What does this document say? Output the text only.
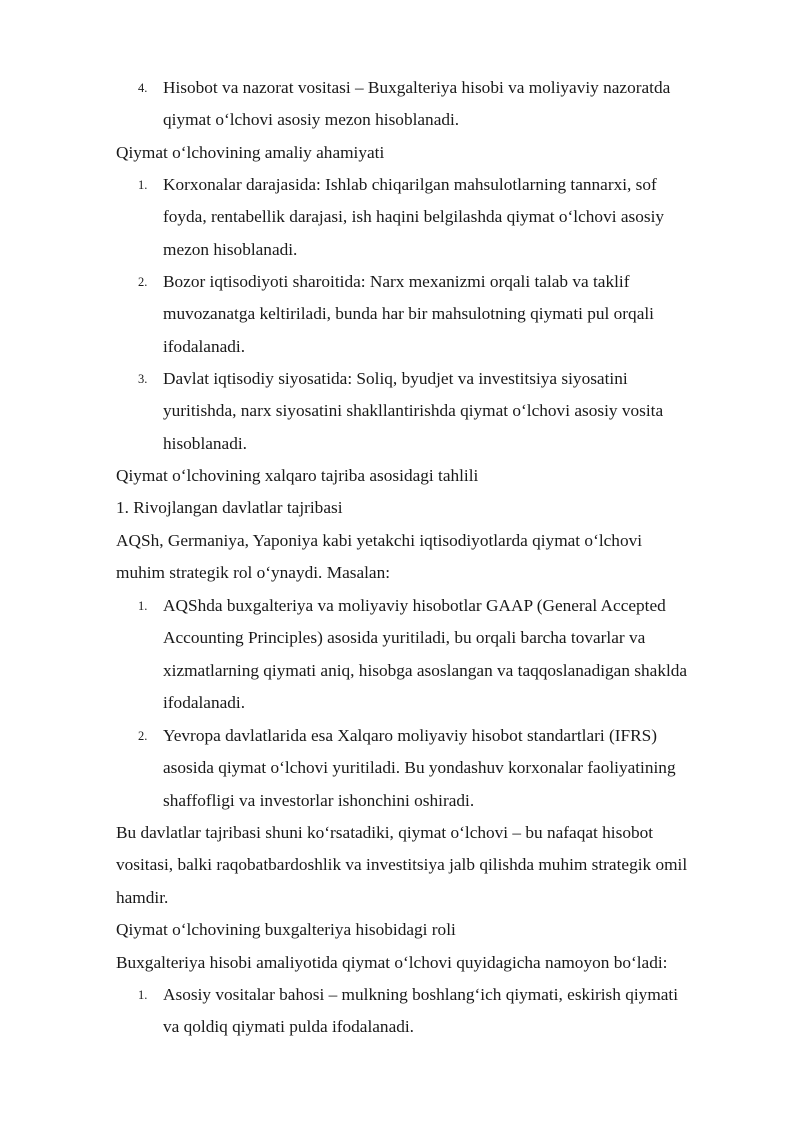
4. Hisobot va nazorat vositasi – Buxgalteriya hisobi va moliyaviy nazoratda
qiymat o‘lchovi asosiy mezon hisoblanadi.
Qiymat o‘lchovining amaliy ahamiyati
1. Korxonalar darajasida: Ishlab chiqarilgan mahsulotlarning tannarxi, sof
foyda, rentabellik darajasi, ish haqini belgilashda qiymat o‘lchovi asosiy
mezon hisoblanadi.
2. Bozor iqtisodiyoti sharoitida: Narx mexanizmi orqali talab va taklif
muvozanatga keltiriladi, bunda har bir mahsulotning qiymati pul orqali
ifodalanadi.
3. Davlat iqtisodiy siyosatida: Soliq, byudjet va investitsiya siyosatini
yuritishda, narx siyosatini shakllantirishda qiymat o‘lchovi asosiy vosita
hisoblanadi.
Qiymat o‘lchovining xalqaro tajriba asosidagi tahlili
1. Rivojlangan davlatlar tajribasi
AQSh, Germaniya, Yaponiya kabi yetakchi iqtisodiyotlarda qiymat o‘lchovi
muhim strategik rol o‘ynaydi. Masalan:
1. AQShda buxgalteriya va moliyaviy hisobotlar GAAP (General Accepted
Accounting Principles) asosida yuritiladi, bu orqali barcha tovarlar va
xizmatlarning qiymati aniq, hisobga asoslangan va taqqoslanadigan shaklda
ifodalanadi.
2. Yevropa davlatlarida esa Xalqaro moliyaviy hisobot standartlari (IFRS)
asosida qiymat o‘lchovi yuritiladi. Bu yondashuv korxonalar faoliyatining
shaffofligi va investorlar ishonchini oshiradi.
Bu davlatlar tajribasi shuni ko‘rsatadiki, qiymat o‘lchovi – bu nafaqat hisobot
vositasi, balki raqobatbardoshlik va investitsiya jalb qilishda muhim strategik omil
hamdir.
Qiymat o‘lchovining buxgalteriya hisobidagi roli
Buxgalteriya hisobi amaliyotida qiymat o‘lchovi quyidagicha namoyon bo‘ladi:
1. Asosiy vositalar bahosi – mulkning boshlang‘ich qiymati, eskirish qiymati
va qoldiq qiymati pulda ifodalanadi.
